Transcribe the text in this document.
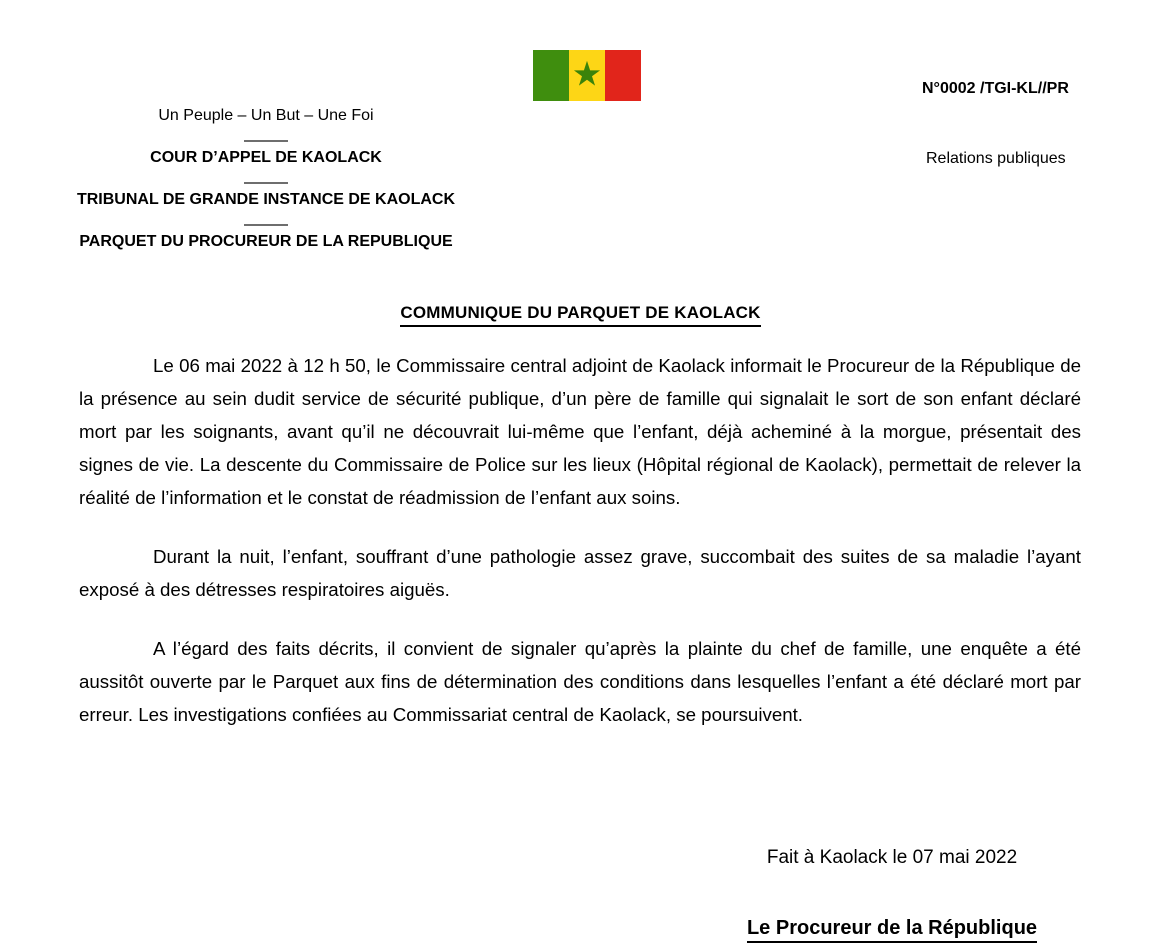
★	N°0002 /TGI-KL//PR
Relations publiques
Un Peuple – Un But – Une Foi
COUR D’APPEL DE KAOLACK
TRIBUNAL DE GRANDE INSTANCE DE KAOLACK
PARQUET DU PROCUREUR DE LA REPUBLIQUE
COMMUNIQUE DU PARQUET DE KAOLACK

Le 06 mai 2022 à 12 h 50, le Commissaire central adjoint de Kaolack informait le Procureur de la République de la présence au sein dudit service de sécurité publique, d’un père de famille qui signalait le sort de son enfant déclaré mort par les soignants, avant qu’il ne découvrait lui-même que l’enfant, déjà acheminé à la morgue, présentait des signes de vie. La descente du Commissaire de Police sur les lieux (Hôpital régional de Kaolack), permettait de relever la réalité de l’information et le constat de réadmission de l’enfant aux soins.

Durant la nuit, l’enfant, souffrant d’une pathologie assez grave, succombait des suites de sa maladie l’ayant exposé à des détresses respiratoires aiguës.

A l’égard des faits décrits, il convient de signaler qu’après la plainte du chef de famille, une enquête a été aussitôt ouverte par le Parquet aux fins de détermination des conditions dans lesquelles l’enfant a été déclaré mort par erreur. Les investigations confiées au Commissariat central de Kaolack, se poursuivent.

Fait à Kaolack le 07 mai 2022

Le Procureur de la République
